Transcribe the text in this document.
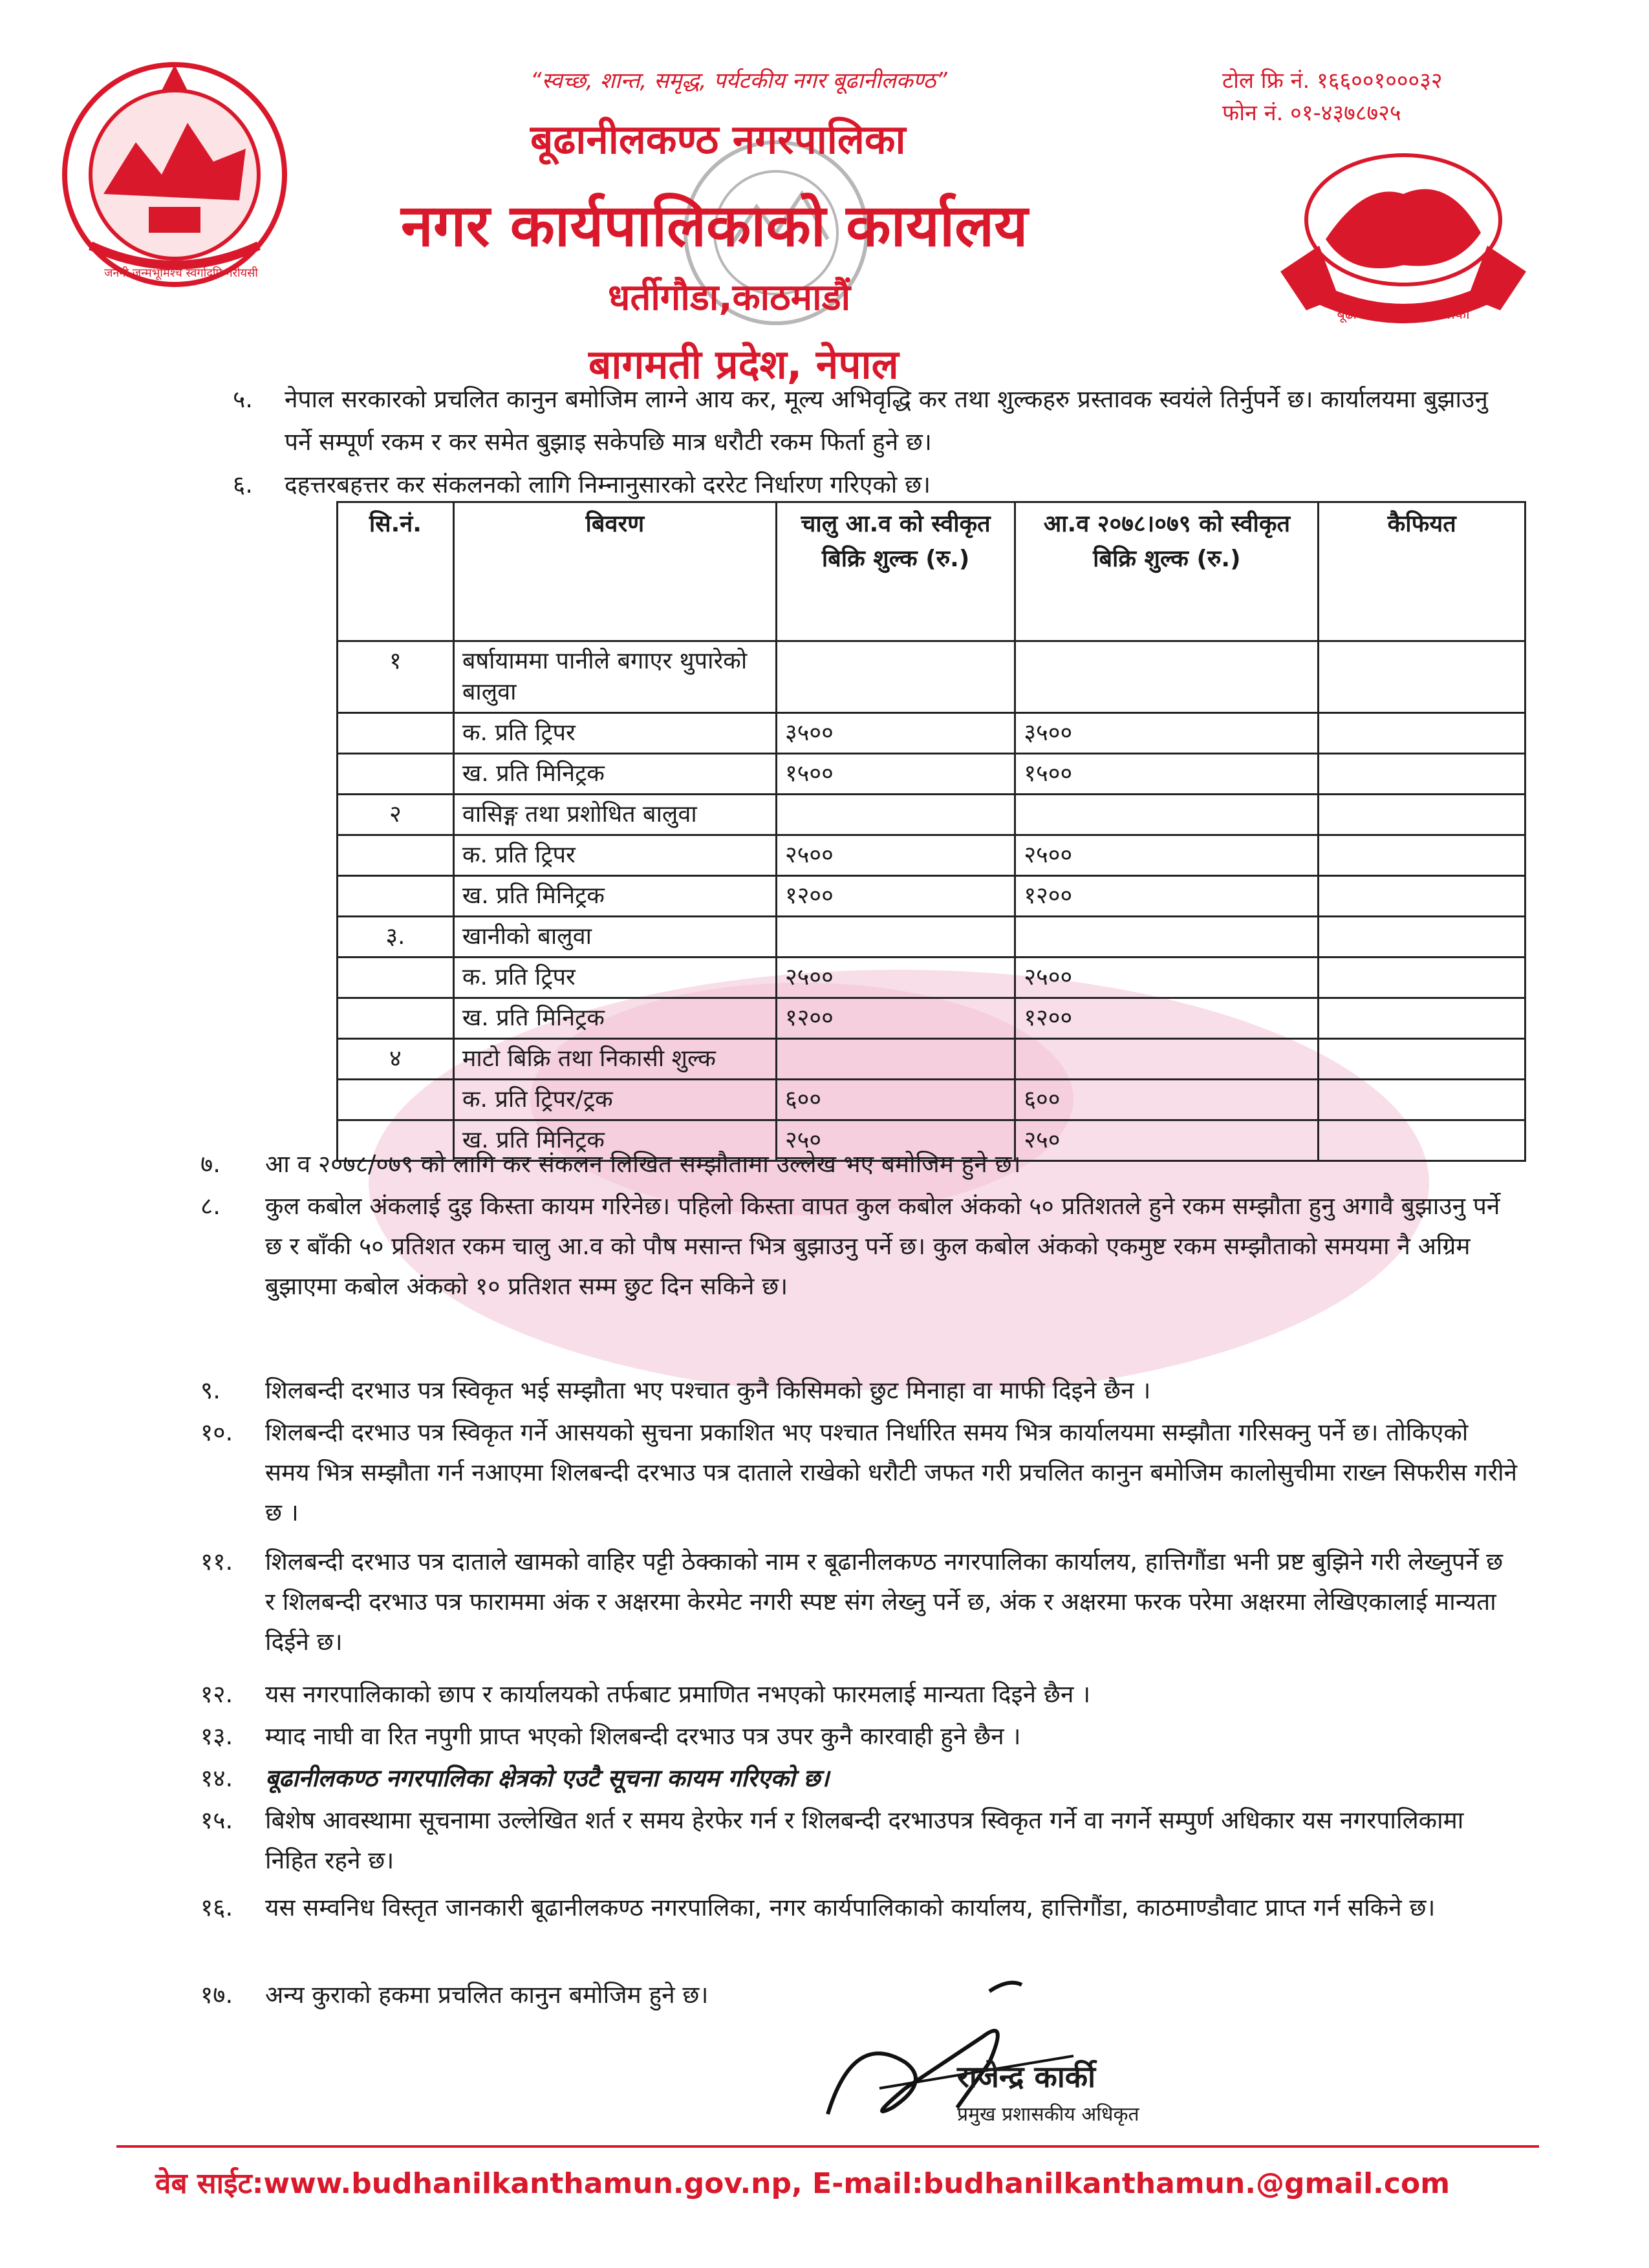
जननी जन्मभूमिश्च स्वर्गादपि गरीयसी
बूढानीलकण्ठ नगरपालिका
“स्वच्छ, शान्त, समृद्ध, पर्यटकीय नगर बूढानीलकण्ठ”	टोल फ्रि नं. १६६००१०००३२
फोन नं. ०१-४३७८७२५
बूढानीलकण्ठ नगरपालिका
नगर कार्यपालिकाको कार्यालय
धर्तीगौडा,काठमाडौं
बागमती प्रदेश, नेपाल
५. नेपाल सरकारको प्रचलित कानुन बमोजिम लाग्ने आय कर, मूल्य अभिवृद्धि कर तथा शुल्कहरु प्रस्तावक स्वयंले तिर्नुपर्ने छ। कार्यालयमा बुझाउनु पर्ने सम्पूर्ण रकम र कर समेत बुझाइ सकेपछि मात्र धरौटी रकम फिर्ता हुने छ।
६. दहत्तरबहत्तर कर संकलनको लागि निम्नानुसारको दररेट निर्धारण गरिएको छ।
सि.नं.	बिवरण	चालु आ.व को स्वीकृत बिक्रि शुल्क (रु.)	आ.व २०७८।०७९ को स्वीकृत बिक्रि शुल्क (रु.)	कैफियत
१	बर्षायाममा पानीले बगाएर थुपारेको बालुवा			
	क. प्रति ट्रिपर	३५००	३५००	
	ख. प्रति मिनिट्रक	१५००	१५००	
२	वासिङ्ग तथा प्रशोधित बालुवा			
	क. प्रति ट्रिपर	२५००	२५००	
	ख. प्रति मिनिट्रक	१२००	१२००	
३.	खानीको बालुवा			
	क. प्रति ट्रिपर	२५००	२५००	
	ख. प्रति मिनिट्रक	१२००	१२००	
४	माटो बिक्रि तथा निकासी शुल्क			
	क. प्रति ट्रिपर/ट्रक	६००	६००	
	ख. प्रति मिनिट्रक	२५०	२५०	
७. आ व २०७८/०७९ को लागि कर संकलन लिखित सम्झौतामा उल्लेख भए बमोजिम हुने छ।
८. कुल कबोल अंकलाई दुइ किस्ता कायम गरिनेछ। पहिलो किस्ता वापत कुल कबोल अंकको ५० प्रतिशतले हुने रकम सम्झौता हुनु अगावै बुझाउनु पर्ने छ र बाँकी ५० प्रतिशत रकम चालु आ.व को पौष मसान्त भित्र बुझाउनु पर्ने छ। कुल कबोल अंकको एकमुष्ट रकम सम्झौताको समयमा नै अग्रिम बुझाएमा कबोल अंकको १० प्रतिशत सम्म छुट दिन सकिने छ।
९. शिलबन्दी दरभाउ पत्र स्विकृत भई सम्झौता भए पश्चात कुनै किसिमको छुट मिनाहा वा माफी दिइने छैन ।
१०. शिलबन्दी दरभाउ पत्र स्विकृत गर्ने आसयको सुचना प्रकाशित भए पश्चात निर्धारित समय भित्र कार्यालयमा सम्झौता गरिसक्नु पर्ने छ। तोकिएको समय भित्र सम्झौता गर्न नआएमा शिलबन्दी दरभाउ पत्र दाताले राखेको धरौटी जफत गरी प्रचलित कानुन बमोजिम कालोसुचीमा राख्न सिफरीस गरीने छ ।
११. शिलबन्दी दरभाउ पत्र दाताले खामको वाहिर पट्टी ठेक्काको नाम र बूढानीलकण्ठ नगरपालिका कार्यालय, हात्तिगौंडा भनी प्रष्ट बुझिने गरी लेख्नुपर्ने छ र शिलबन्दी दरभाउ पत्र फाराममा अंक र अक्षरमा केरमेट नगरी स्पष्ट संग लेख्नु पर्ने छ, अंक र अक्षरमा फरक परेमा अक्षरमा लेखिएकालाई मान्यता दिईने छ।
१२. यस नगरपालिकाको छाप र कार्यालयको तर्फबाट प्रमाणित नभएको फारमलाई मान्यता दिइने छैन ।
१३. म्याद नाघी वा रित नपुगी प्राप्त भएको शिलबन्दी दरभाउ पत्र उपर कुनै कारवाही हुने छैन ।
१४. बूढानीलकण्ठ नगरपालिका क्षेत्रको एउटै सूचना कायम गरिएको छ।
१५. बिशेष आवस्थामा सूचनामा उल्लेखित शर्त र समय हेरफेर गर्न र शिलबन्दी दरभाउपत्र स्विकृत गर्ने वा नगर्ने सम्पुर्ण अधिकार यस नगरपालिकामा निहित रहने छ।
१६. यस सम्वनिध विस्तृत जानकारी बूढानीलकण्ठ नगरपालिका, नगर कार्यपालिकाको कार्यालय, हात्तिगौंडा, काठमाण्डौवाट प्राप्त गर्न सकिने छ।
१७. अन्य कुराको हकमा प्रचलित कानुन बमोजिम हुने छ।
राजेन्द्र कार्की
प्रमुख प्रशासकीय अधिकृत
वेब साईट:www.budhanilkanthamun.gov.np, E-mail:budhanilkanthamun.@gmail.com
